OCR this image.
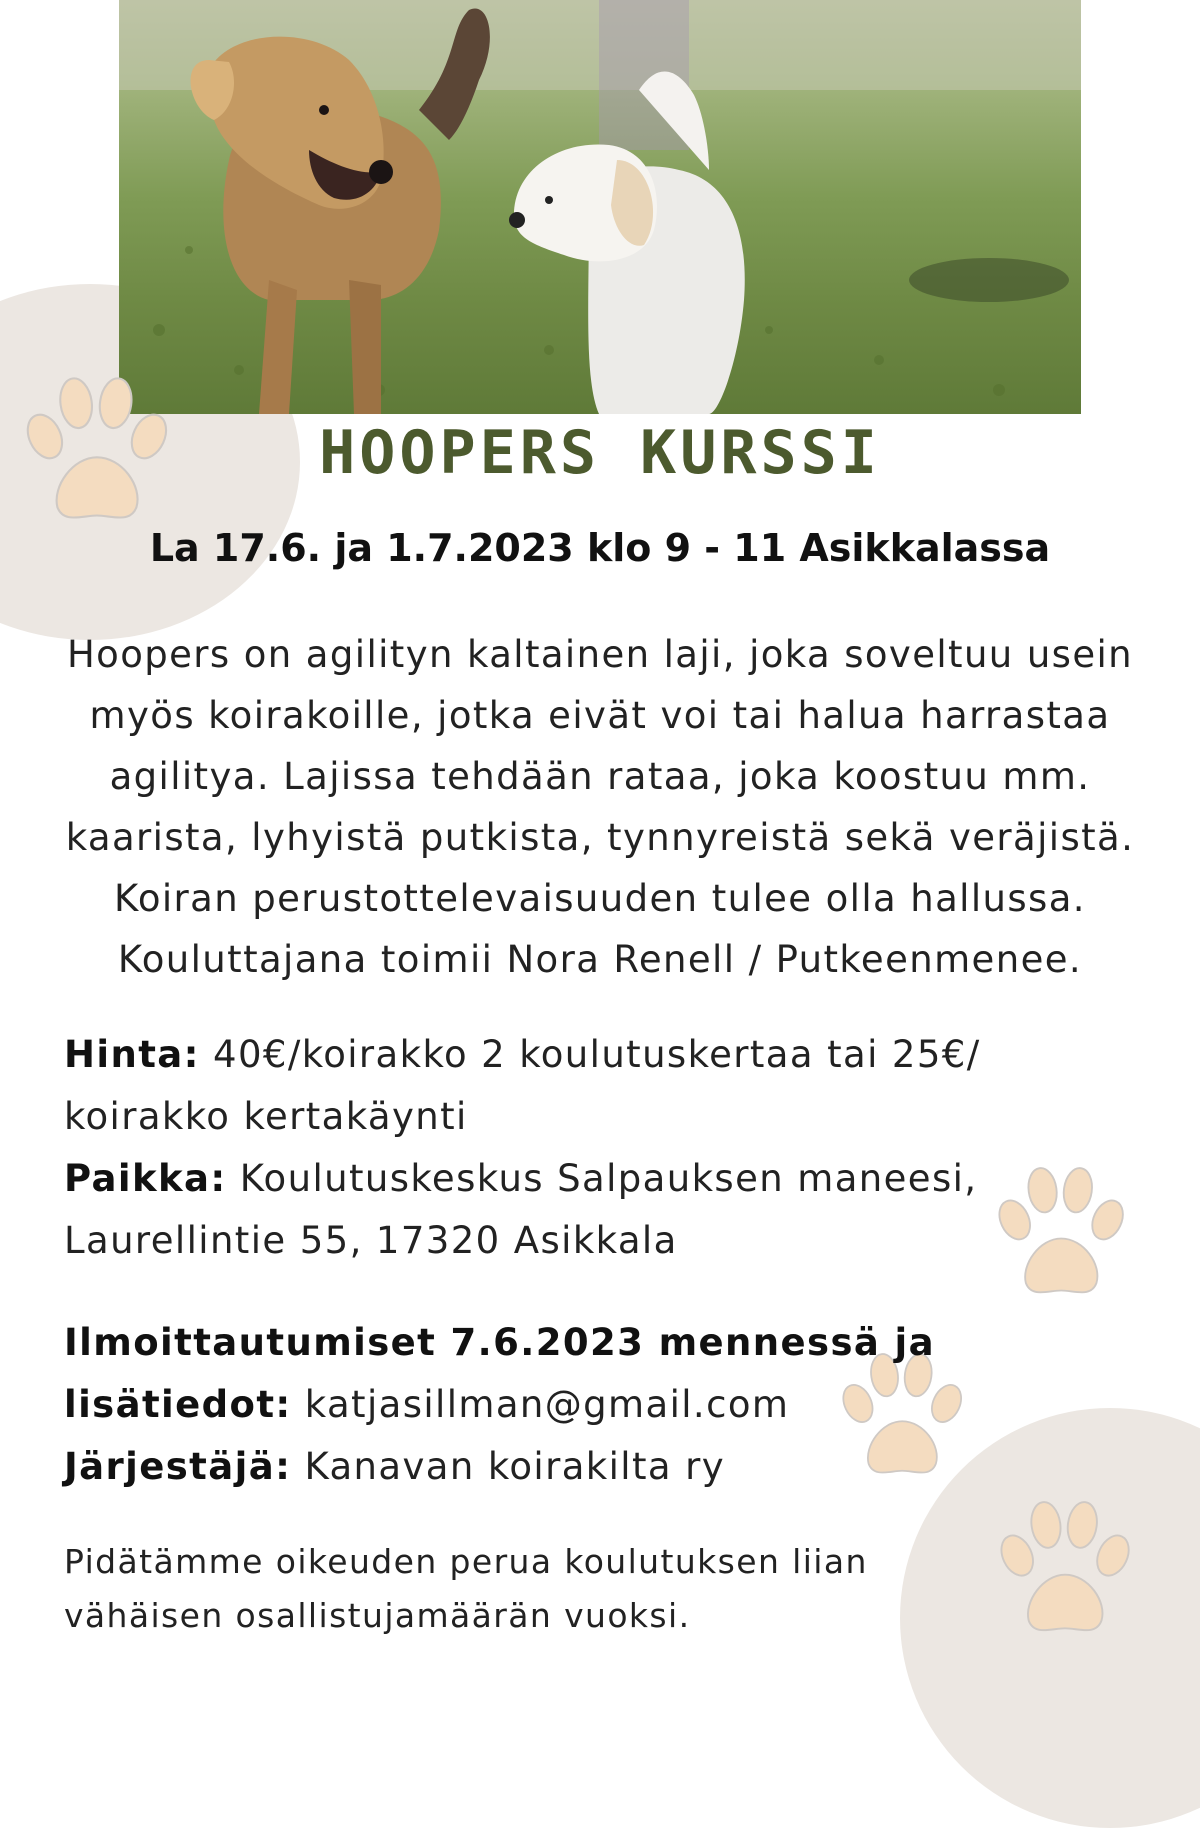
HOOPERS KURSSI
La 17.6. ja 1.7.2023 klo 9 - 11 Asikkalassa
Hoopers on agilityn kaltainen laji, joka soveltuu usein
myös koirakoille, jotka eivät voi tai halua harrastaa
agilitya. Lajissa tehdään rataa, joka koostuu mm.
kaarista, lyhyistä putkista, tynnyreistä sekä veräjistä.
Koiran perustottelevaisuuden tulee olla hallussa.
Kouluttajana toimii Nora Renell / Putkeenmenee.
Hinta: 40€/koirakko 2 koulutuskertaa tai 25€/
koirakko kertakäynti
Paikka: Koulutuskeskus Salpauksen maneesi,
Laurellintie 55, 17320 Asikkala
Ilmoittautumiset 7.6.2023 mennessä ja
lisätiedot: katjasillman@gmail.com
Järjestäjä: Kanavan koirakilta ry
Pidätämme oikeuden perua koulutuksen liian
vähäisen osallistujamäärän vuoksi.
